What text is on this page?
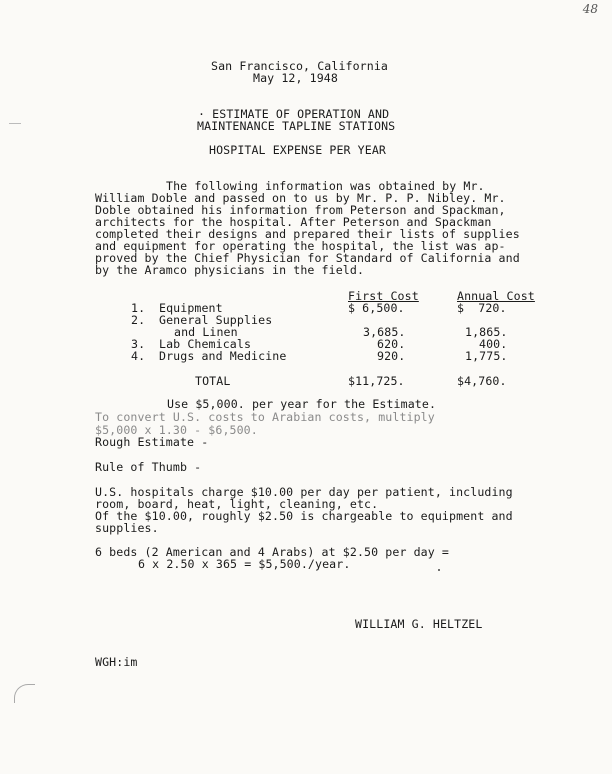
48
San Francisco, California
May 12, 1948
· ESTIMATE OF OPERATION AND
MAINTENANCE TAPLINE STATIONS
HOSPITAL EXPENSE PER YEAR
The following information was obtained by Mr.
William Doble and passed on to us by Mr. P. P. Nibley. Mr.
Doble obtained his information from Peterson and Spackman,
architects for the hospital. After Peterson and Spackman
completed their designs and prepared their lists of supplies
and equipment for operating the hospital, the list was ap-
proved by the Chief Physician for Standard of California and
by the Aramco physicians in the field.
First Cost	Annual Cost
1. Equipment	$ 6,500.	$  720.
2. General Supplies
and Linen	3,685.	1,865.
3. Lab Chemicals	620.	400.
4. Drugs and Medicine	920.	1,775.
TOTAL	$11,725.	$4,760.
Use $5,000. per year for the Estimate.
To convert U.S. costs to Arabian costs, multiply
$5,000 x 1.30 - $6,500.
Rough Estimate -
Rule of Thumb -
U.S. hospitals charge $10.00 per day per patient, including
room, board, heat, light, cleaning, etc.
Of the $10.00, roughly $2.50 is chargeable to equipment and
supplies.
6 beds (2 American and 4 Arabs) at $2.50 per day =
6 x 2.50 x 365 = $5,500./year.
WILLIAM G. HELTZEL
WGH:im
